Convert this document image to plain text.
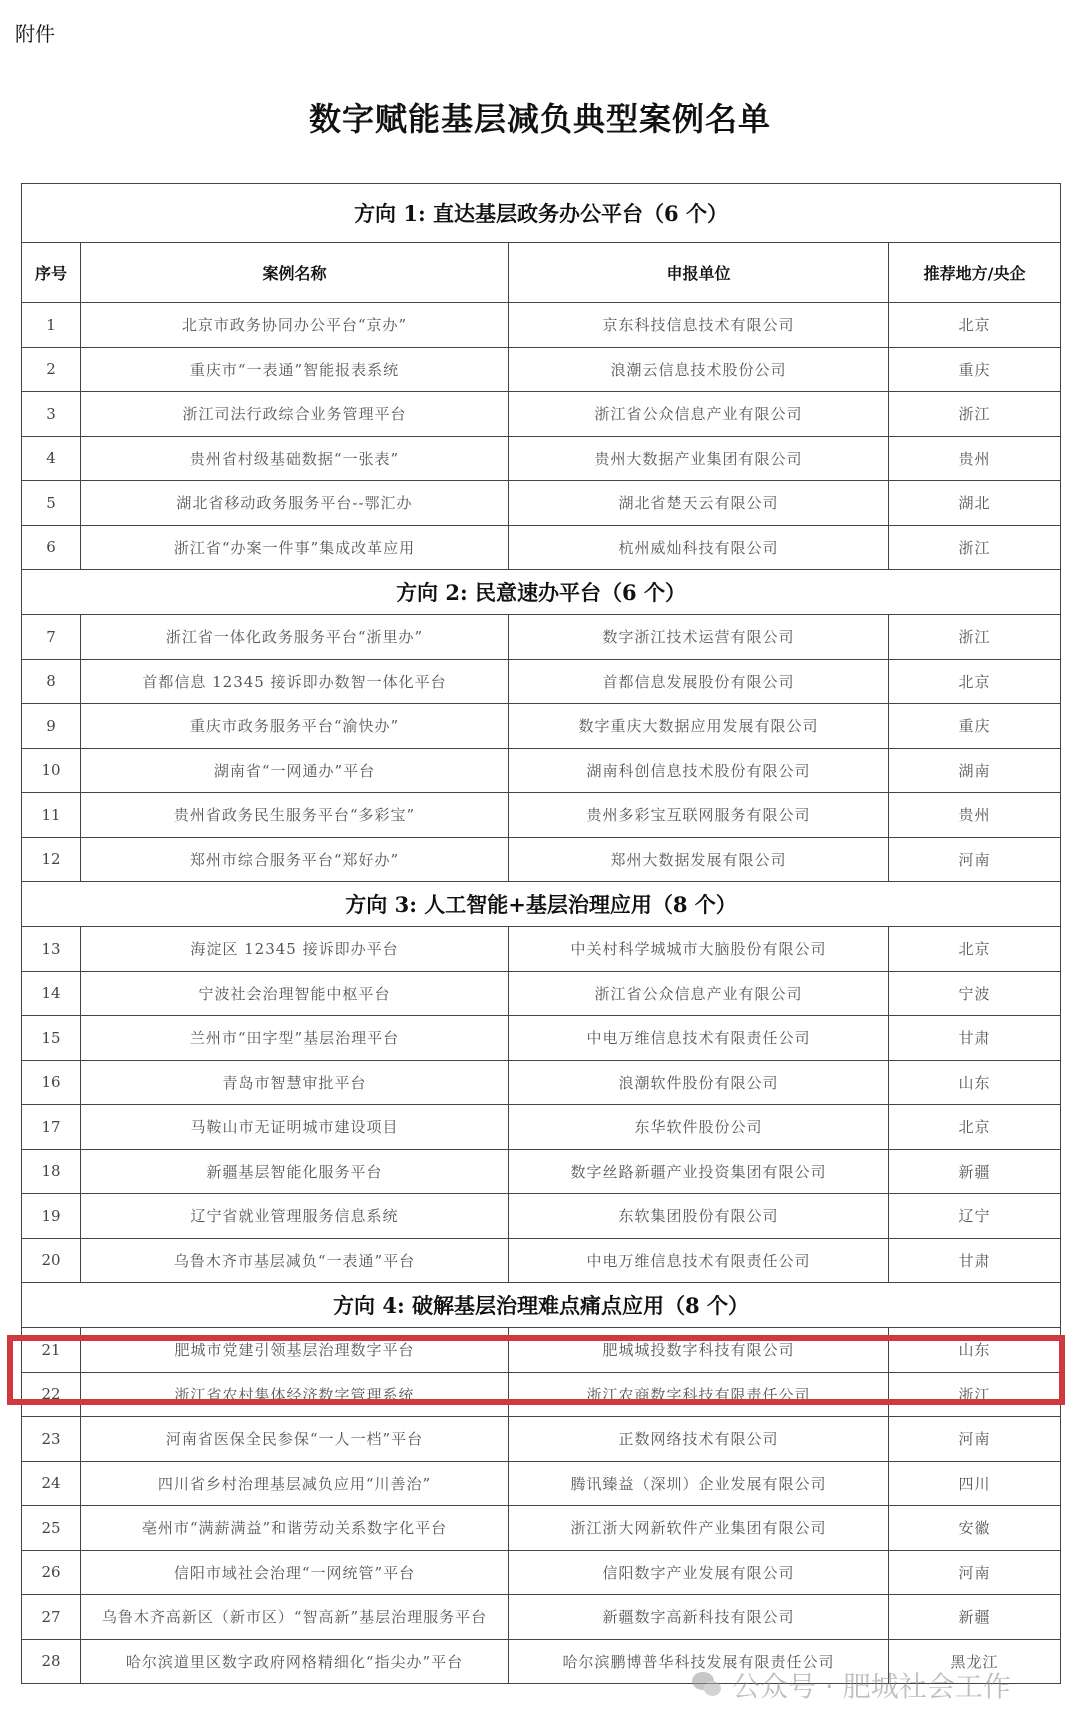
附件
数字赋能基层减负典型案例名单
方向 1: 直达基层政务办公平台（6 个）			
序号	案例名称	申报单位	推荐地方/央企
1	北京市政务协同办公平台“京办”	京东科技信息技术有限公司	北京
2	重庆市“一表通”智能报表系统	浪潮云信息技术股份公司	重庆
3	浙江司法行政综合业务管理平台	浙江省公众信息产业有限公司	浙江
4	贵州省村级基础数据“一张表”	贵州大数据产业集团有限公司	贵州
5	湖北省移动政务服务平台--鄂汇办	湖北省楚天云有限公司	湖北
6	浙江省“办案一件事”集成改革应用	杭州威灿科技有限公司	浙江
方向 2: 民意速办平台（6 个）			
7	浙江省一体化政务服务平台“浙里办”	数字浙江技术运营有限公司	浙江
8	首都信息 12345 接诉即办数智一体化平台	首都信息发展股份有限公司	北京
9	重庆市政务服务平台“渝快办”	数字重庆大数据应用发展有限公司	重庆
10	湖南省“一网通办”平台	湖南科创信息技术股份有限公司	湖南
11	贵州省政务民生服务平台“多彩宝”	贵州多彩宝互联网服务有限公司	贵州
12	郑州市综合服务平台“郑好办”	郑州大数据发展有限公司	河南
方向 3: 人工智能+基层治理应用（8 个）			
13	海淀区 12345 接诉即办平台	中关村科学城城市大脑股份有限公司	北京
14	宁波社会治理智能中枢平台	浙江省公众信息产业有限公司	宁波
15	兰州市“田字型”基层治理平台	中电万维信息技术有限责任公司	甘肃
16	青岛市智慧审批平台	浪潮软件股份有限公司	山东
17	马鞍山市无证明城市建设项目	东华软件股份公司	北京
18	新疆基层智能化服务平台	数字丝路新疆产业投资集团有限公司	新疆
19	辽宁省就业管理服务信息系统	东软集团股份有限公司	辽宁
20	乌鲁木齐市基层减负“一表通”平台	中电万维信息技术有限责任公司	甘肃
方向 4: 破解基层治理难点痛点应用（8 个）			
21	肥城市党建引领基层治理数字平台	肥城城投数字科技有限公司	山东
22	浙江省农村集体经济数字管理系统	浙江农商数字科技有限责任公司	浙江
23	河南省医保全民参保“一人一档”平台	正数网络技术有限公司	河南
24	四川省乡村治理基层减负应用“川善治”	腾讯臻益（深圳）企业发展有限公司	四川
25	亳州市“满薪满益”和谐劳动关系数字化平台	浙江浙大网新软件产业集团有限公司	安徽
26	信阳市域社会治理“一网统管”平台	信阳数字产业发展有限公司	河南
27	乌鲁木齐高新区（新市区）“智高新”基层治理服务平台	新疆数字高新科技有限公司	新疆
28	哈尔滨道里区数字政府网格精细化“指尖办”平台	哈尔滨鹏博普华科技发展有限责任公司	黑龙江
公众号 · 肥城社会工作
